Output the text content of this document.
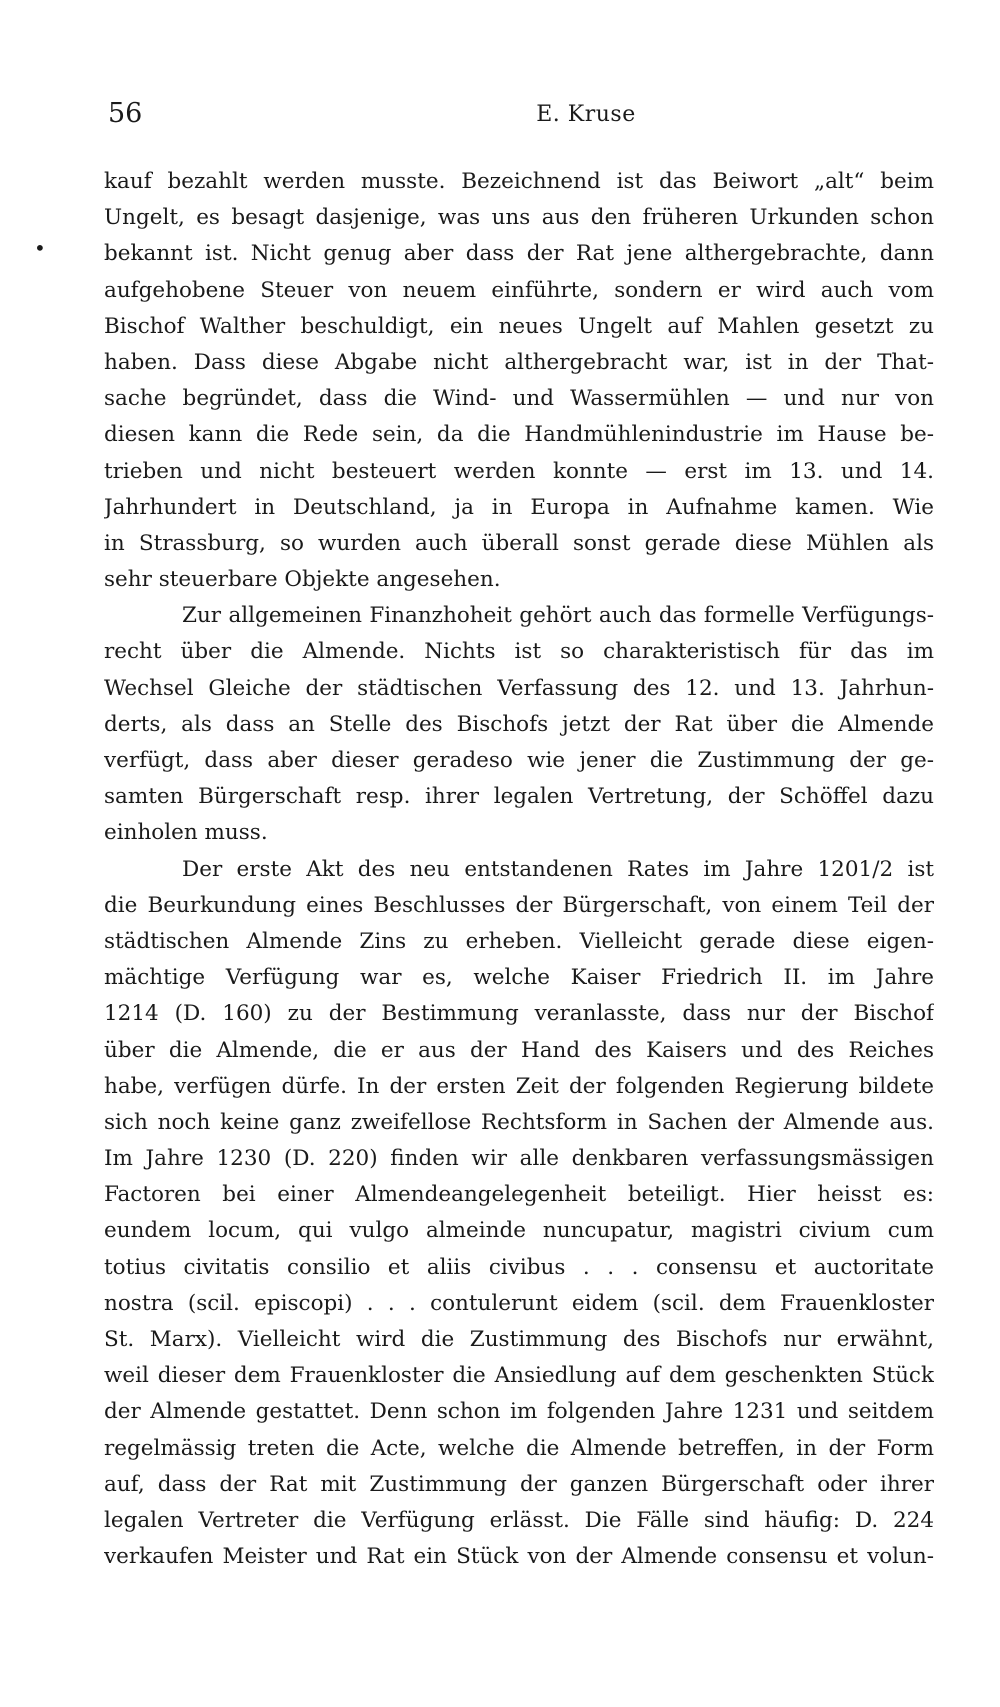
56	E. Kruse
•
kauf bezahlt werden musste. Bezeichnend ist das Beiwort „alt“ beim
Ungelt, es besagt dasjenige, was uns aus den früheren Urkunden schon
bekannt ist. Nicht genug aber dass der Rat jene althergebrachte, dann
aufgehobene Steuer von neuem einführte, sondern er wird auch vom
Bischof Walther beschuldigt, ein neues Ungelt auf Mahlen gesetzt zu
haben. Dass diese Abgabe nicht althergebracht war, ist in der That-
sache begründet, dass die Wind- und Wassermühlen — und nur von
diesen kann die Rede sein, da die Handmühlenindustrie im Hause be-
trieben und nicht besteuert werden konnte — erst im 13. und 14.
Jahrhundert in Deutschland, ja in Europa in Aufnahme kamen. Wie
in Strassburg, so wurden auch überall sonst gerade diese Mühlen als
sehr steuerbare Objekte angesehen.
Zur allgemeinen Finanzhoheit gehört auch das formelle Verfügungs-
recht über die Almende. Nichts ist so charakteristisch für das im
Wechsel Gleiche der städtischen Verfassung des 12. und 13. Jahrhun-
derts, als dass an Stelle des Bischofs jetzt der Rat über die Almende
verfügt, dass aber dieser geradeso wie jener die Zustimmung der ge-
samten Bürgerschaft resp. ihrer legalen Vertretung, der Schöffel dazu
einholen muss.
Der erste Akt des neu entstandenen Rates im Jahre 1201/2 ist
die Beurkundung eines Beschlusses der Bürgerschaft, von einem Teil der
städtischen Almende Zins zu erheben. Vielleicht gerade diese eigen-
mächtige Verfügung war es, welche Kaiser Friedrich II. im Jahre
1214 (D. 160) zu der Bestimmung veranlasste, dass nur der Bischof
über die Almende, die er aus der Hand des Kaisers und des Reiches
habe, verfügen dürfe. In der ersten Zeit der folgenden Regierung bildete
sich noch keine ganz zweifellose Rechtsform in Sachen der Almende aus.
Im Jahre 1230 (D. 220) finden wir alle denkbaren verfassungsmässigen
Factoren bei einer Almendeangelegenheit beteiligt. Hier heisst es:
eundem locum, qui vulgo almeinde nuncupatur, magistri civium cum
totius civitatis consilio et aliis civibus . . . consensu et auctoritate
nostra (scil. episcopi) . . . contulerunt eidem (scil. dem Frauenkloster
St. Marx). Vielleicht wird die Zustimmung des Bischofs nur erwähnt,
weil dieser dem Frauenkloster die Ansiedlung auf dem geschenkten Stück
der Almende gestattet. Denn schon im folgenden Jahre 1231 und seitdem
regelmässig treten die Acte, welche die Almende betreffen, in der Form
auf, dass der Rat mit Zustimmung der ganzen Bürgerschaft oder ihrer
legalen Vertreter die Verfügung erlässt. Die Fälle sind häufig: D. 224
verkaufen Meister und Rat ein Stück von der Almende consensu et volun-
